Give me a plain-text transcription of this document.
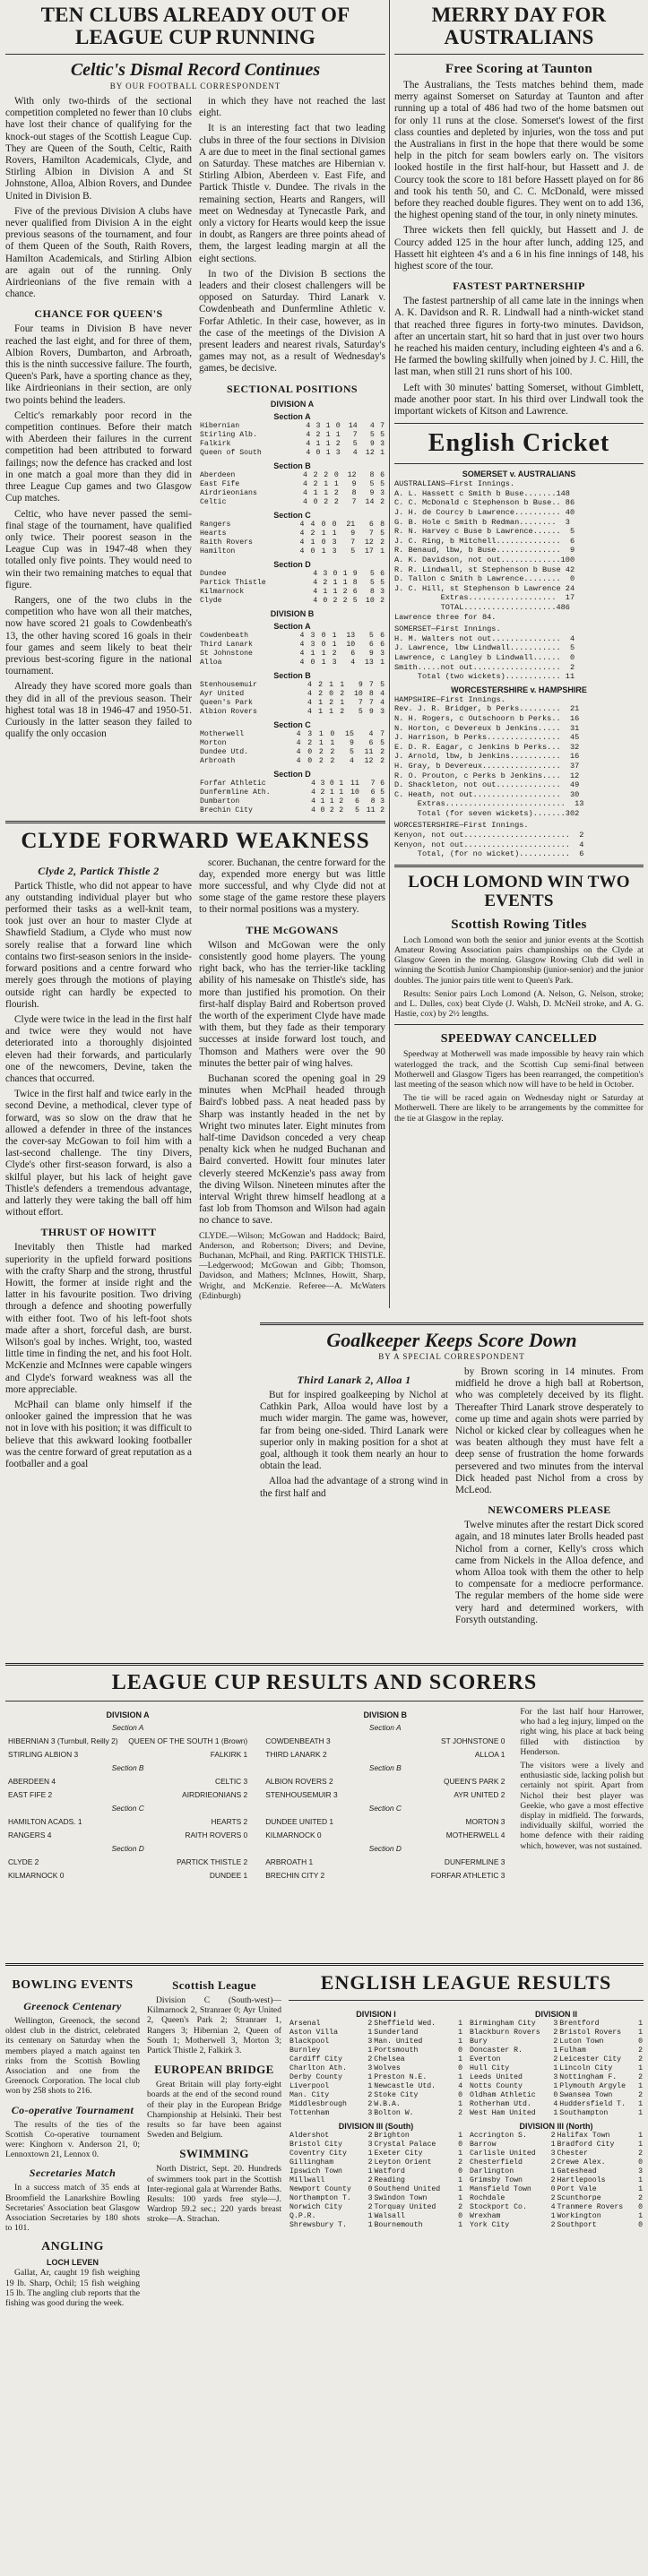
TEN CLUBS ALREADY OUT OF LEAGUE CUP RUNNING
Celtic's Dismal Record Continues
BY OUR FOOTBALL CORRESPONDENT

With only two-thirds of the sectional competition completed no fewer than 10 clubs have lost their chance of qualifying for the knock-out stages of the Scottish League Cup. They are Queen of the South, Celtic, Raith Rovers, Hamilton Academicals, Clyde, and Stirling Albion in Division A and St Johnstone, Alloa, Albion Rovers, and Dundee United in Division B.

Five of the previous Division A clubs have never qualified from Division A in the eight previous seasons of the tournament, and four of them Queen of the South, Raith Rovers, Hamilton Academicals, and Stirling Albion are again out of the running. Only Airdrieonians of the five remain with a chance.

CHANCE FOR QUEEN'S

Four teams in Division B have never reached the last eight, and for three of them, Albion Rovers, Dumbarton, and Arbroath, this is the ninth successive failure. The fourth, Queen's Park, have a sporting chance as they, like Airdrieonians in their section, are only two points behind the leaders.

Celtic's remarkably poor record in the competition continues. Before their match with Aberdeen their failures in the current competition had been attributed to forward failings; now the defence has cracked and lost in one match a goal more than they did in three League Cup games and two Glasgow Cup matches.

Celtic, who have never passed the semi-final stage of the tournament, have qualified only twice. Their poorest season in the League Cup was in 1947-48 when they totalled only five points. They would need to win their two remaining matches to equal that figure.

Rangers, one of the two clubs in the competition who have won all their matches, now have scored 21 goals to Cowdenbeath's 13, the other having scored 16 goals in their four games and seem likely to beat their previous best-scoring figure in the national tournament.

Already they have scored more goals than they did in all of the previous season. Their highest total was 18 in 1946-47 and 1950-51. Curiously in the latter season they failed to qualify the only occasion

in which they have not reached the last eight.

It is an interesting fact that two leading clubs in three of the four sections in Division A are due to meet in the final sectional games on Saturday. These matches are Hibernian v. Stirling Albion, Aberdeen v. East Fife, and Partick Thistle v. Dundee. The rivals in the remaining section, Hearts and Rangers, will meet on Wednesday at Tynecastle Park, and only a victory for Hearts would keep the issue in doubt, as Rangers are three points ahead of them, the largest leading margin at all the eight sections.

In two of the Division B sections the leaders and their closest challengers will be opposed on Saturday. Third Lanark v. Cowdenbeath and Dunfermline Athletic v. Forfar Athletic. In their case, however, as in the case of the meetings of the Division A present leaders and nearest rivals, Saturday's games may not, as a result of Wednesday's games, be decisive.

SECTIONAL POSITIONS
DIVISION A
Section A
Hibernian	4	3	1	0	14	4	7
Stirling Alb.	4	2	1	1	7	5	5
Falkirk	4	1	1	2	5	9	3
Queen of South	4	0	1	3	4	12	1
Section B
Aberdeen	4	2	2	0	12	8	6
East Fife	4	2	1	1	9	5	5
Airdrieonians	4	1	1	2	8	9	3
Celtic	4	0	2	2	7	14	2
Section C
Rangers	4	4	0	0	21	6	8
Hearts	4	2	1	1	9	7	5
Raith Rovers	4	1	0	3	7	12	2
Hamilton	4	0	1	3	5	17	1
Section D
Dundee	4	3	0	1	9	5	6
Partick Thistle	4	2	1	1	8	5	5
Kilmarnock	4	1	1	2	6	8	3
Clyde	4	0	2	2	5	10	2
DIVISION B
Section A
Cowdenbeath	4	3	0	1	13	5	6
Third Lanark	4	3	0	1	10	6	6
St Johnstone	4	1	1	2	6	9	3
Alloa	4	0	1	3	4	13	1
Section B
Stenhousemuir	4	2	1	1	9	7	5
Ayr United	4	2	0	2	10	8	4
Queen's Park	4	1	2	1	7	7	4
Albion Rovers	4	1	1	2	5	9	3
Section C
Motherwell	4	3	1	0	15	4	7
Morton	4	2	1	1	9	6	5
Dundee Utd.	4	0	2	2	5	11	2
Arbroath	4	0	2	2	4	12	2
Section D
Forfar Athletic	4	3	0	1	11	7	6
Dunfermline Ath.	4	2	1	1	10	6	5
Dumbarton	4	1	1	2	6	8	3
Brechin City	4	0	2	2	5	11	2
CLYDE FORWARD WEAKNESS
Clyde 2, Partick Thistle 2

Partick Thistle, who did not appear to have any outstanding individual player but who performed their tasks as a well-knit team, took just over an hour to master Clyde at Shawfield Stadium, a Clyde who must now sorely realise that a forward line which contains two first-season seniors in the inside-forward positions and a centre forward who merely goes through the motions of playing outside right can hardly be expected to flourish.

Clyde were twice in the lead in the first half and twice were they would not have deteriorated into a thoroughly disjointed eleven had their forwards, and particularly one of the newcomers, Devine, taken the chances that occurred.

Twice in the first half and twice early in the second Devine, a methodical, clever type of forward, was so slow on the draw that he allowed a defender in three of the instances the cover-say McGowan to foil him with a last-second challenge. The tiny Divers, Clyde's other first-season forward, is also a skilful player, but his lack of height gave Thistle's defenders a tremendous advantage, and latterly they were taking the ball off him without effort.

THRUST OF HOWITT

Inevitably then Thistle had marked superiority in the upfield forward positions with the crafty Sharp and the strong, thrustful Howitt, the former at inside right and the latter in his favourite position. Two driving through a defence and shooting powerfully with either foot. Two of his left-foot shots made after a short, forceful dash, are burst. Wilson's goal by inches. Wright, too, wasted little time in finding the net, and his foot Holt. McKenzie and McInnes were capable wingers and Clyde's forward weakness was all the more appreciable.

McPhail can blame only himself if the onlooker gained the impression that he was not in love with his position; it was difficult to believe that this awkward looking footballer was the centre forward of great reputation as a footballer and a goal

scorer. Buchanan, the centre forward for the day, expended more energy but was little more successful, and why Clyde did not at some stage of the game restore these players to their normal positions was a mystery.

THE McGOWANS

Wilson and McGowan were the only consistently good home players. The young right back, who has the terrier-like tackling ability of his namesake on Thistle's side, has more than justified his promotion. On their first-half display Baird and Robertson proved the worth of the experiment Clyde have made with them, but they fade as their temporary successes at inside forward lost touch, and Thomson and Mathers were over the 90 minutes the better pair of wing halves.

Buchanan scored the opening goal in 29 minutes when McPhail headed through Baird's lobbed pass. A neat headed pass by Sharp was instantly headed in the net by Wright two minutes later. Eight minutes from half-time Davidson conceded a very cheap penalty kick when he nudged Buchanan and Baird converted. Howitt four minutes later cleverly steered McKenzie's pass away from the diving Wilson. Nineteen minutes after the interval Wright threw himself headlong at a fast lob from Thomson and Wilson had again no chance to save.

CLYDE.—Wilson; McGowan and Haddock; Baird, Anderson, and Robertson; Divers; and Devine, Buchanan, McPhail, and Ring. PARTICK THISTLE.—Ledgerwood; McGowan and Gibb; Thomson, Davidson, and Mathers; McInnes, Howitt, Sharp, Wright, and McKenzie. Referee—A. McWaters (Edinburgh)

MERRY DAY FOR AUSTRALIANS
Free Scoring at Taunton

The Australians, the Tests matches behind them, made merry against Somerset on Saturday at Taunton and after running up a total of 486 had two of the home batsmen out for only 11 runs at the close. Somerset's lowest of the first class counties and depleted by injuries, won the toss and put the Australians in first in the hope that there would be some help in the pitch for seam bowlers early on. The visitors looked hostile in the first half-hour, but Hassett and J. de Courcy took the score to 181 before Hassett played on for 86 and took his tenth 50, and C. C. McDonald, were missed before they reached double figures. They went on to add 136, the highest opening stand of the tour, in only ninety minutes.

Three wickets then fell quickly, but Hassett and J. de Courcy added 125 in the hour after lunch, adding 125, and Hassett hit eighteen 4's and a 6 in his fine innings of 148, his highest score of the tour.

FASTEST PARTNERSHIP

The fastest partnership of all came late in the innings when A. K. Davidson and R. R. Lindwall had a ninth-wicket stand that reached three figures in forty-two minutes. Davidson, after an uncertain start, hit so hard that in just over two hours he reached his maiden century, including eighteen 4's and a 6. He farmed the bowling skilfully when joined by J. C. Hill, the last man, when still 21 runs short of his 100.

Left with 30 minutes' batting Somerset, without Gimblett, made another poor start. In his third over Lindwall took the important wickets of Kitson and Lawrence.

English Cricket
SOMERSET v. AUSTRALIANS
AUSTRALIANS—First Innings.
A. L. Hassett c Smith b Buse.......148
C. C. McDonald c Stephenson b Buse.. 86
J. H. de Courcy b Lawrence.......... 40
G. B. Hole c Smith b Redman........  3
R. N. Harvey c Buse b Lawrence......  5
J. C. Ring, b Mitchell..............  6
R. Benaud, lbw, b Buse..............  9
A. K. Davidson, not out.............100
R. R. Lindwall, st Stephenson b Buse 42
D. Tallon c Smith b Lawrence........  0
J. C. Hill, st Stephenson b Lawrence 24
Extras...................  17
TOTAL....................486
Lawrence three for 84.
SOMERSET—First Innings.
H. M. Walters not out...............  4
J. Lawrence, lbw Lindwall...........  5
Lawrence, c Langley b Lindwall......  0
Smith.....not out...................  2
Total (two wickets)............ 11
WORCESTERSHIRE v. HAMPSHIRE
HAMPSHIRE—First Innings.
Rev. J. R. Bridger, b Perks.........  21
N. H. Rogers, c Outschoorn b Perks..  16
N. Horton, c Devereux b Jenkins.....  31
J. Harrison, b Perks................  45
E. D. R. Eagar, c Jenkins b Perks...  32
J. Arnold, lbw, b Jenkins...........  16
H. Gray, b Devereux.................  37
R. O. Prouton, c Perks b Jenkins....  12
D. Shackleton, not out..............  49
C. Heath, not out...................  30
Extras..........................  13
Total (for seven wickets).......302
WORCESTERSHIRE—First Innings.
Kenyon, not out.......................  2
Kenyon, not out.......................  4
Total, (for no wicket)...........  6
LOCH LOMOND WIN TWO EVENTS
Scottish Rowing Titles

Loch Lomond won both the senior and junior events at the Scottish Amateur Rowing Association pairs championships on the Clyde at Glasgow Green in the morning. Glasgow Rowing Club did well in winning the Scottish Junior Championship (junior-senior) and the junior doubles. The junior pairs title went to Queen's Park.

Results: Senior pairs Loch Lomond (A. Nelson, G. Nelson, stroke; and L. Dulles, cox) beat Clyde (J. Walsh, D. McNeil stroke, and A. G. Hastie, cox) by 2½ lengths.

SPEEDWAY CANCELLED

Speedway at Motherwell was made impossible by heavy rain which waterlogged the track, and the Scottish Cup semi-final between Motherwell and Glasgow Tigers has been rearranged, the competition's last meeting of the season which now will have to be held in October.

The tie will be raced again on Wednesday night or Saturday at Motherwell. There are likely to be arrangements by the committee for the tie at Glasgow in the replay.

Goalkeeper Keeps Score Down
BY A SPECIAL CORRESPONDENT
Third Lanark 2, Alloa 1

But for inspired goalkeeping by Nichol at Cathkin Park, Alloa would have lost by a much wider margin. The game was, however, far from being one-sided. Third Lanark were superior only in making position for a shot at goal, although it took them nearly an hour to obtain the lead.

Alloa had the advantage of a strong wind in the first half and

by Brown scoring in 14 minutes. From midfield he drove a high ball at Robertson, who was completely deceived by its flight. Thereafter Third Lanark strove desperately to come up time and again shots were parried by Nichol or kicked clear by colleagues when he was beaten although they must have felt a deep sense of frustration the home forwards persevered and two minutes from the interval Dick headed past Nichol from a cross by McLeod.

NEWCOMERS PLEASE

Twelve minutes after the restart Dick scored again, and 18 minutes later Brolls headed past Nichol from a corner, Kelly's cross which came from Nickels in the Alloa defence, and whom Alloa took with them the other to help to compensate for a mediocre performance. The regular members of the home side were very hard and determined workers, with Forsyth outstanding.

LEAGUE CUP RESULTS AND SCORERS
DIVISION A
Section A	
HIBERNIAN 3 (Turnbull, Reilly 2)	QUEEN OF THE SOUTH 1 (Brown)
STIRLING ALBION 3	FALKIRK 1
Section B	
ABERDEEN 4	CELTIC 3
EAST FIFE 2	AIRDRIEONIANS 2
Section C	
HAMILTON ACADS. 1	HEARTS 2
RANGERS 4	RAITH ROVERS 0
Section D	
CLYDE 2	PARTICK THISTLE 2
KILMARNOCK 0	DUNDEE 1
DIVISION B
Section A	
COWDENBEATH 3	ST JOHNSTONE 0
THIRD LANARK 2	ALLOA 1
Section B	
ALBION ROVERS 2	QUEEN'S PARK 2
STENHOUSEMUIR 3	AYR UNITED 2
Section C	
DUNDEE UNITED 1	MORTON 3
KILMARNOCK 0	MOTHERWELL 4
Section D	
ARBROATH 1	DUNFERMLINE 3
BRECHIN CITY 2	FORFAR ATHLETIC 3

For the last half hour Harrower, who had a leg injury, limped on the right wing, his place at back being filled with distinction by Henderson.

The visitors were a lively and enthusiastic side, lacking polish but certainly not spirit. Apart from Nichol their best player was Geekie, who gave a most effective display in midfield. The forwards, individually skilful, worried the home defence with their raiding which, however, was not sustained.

BOWLING EVENTS
Greenock Centenary

Wellington, Greenock, the second oldest club in the district, celebrated its centenary on Saturday when the members played a match against ten rinks from the Scottish Bowling Association and one from the Greenock Corporation. The local club won by 258 shots to 216.

Co-operative Tournament

The results of the ties of the Scottish Co-operative tournament were: Kinghorn v. Anderson 21, 0; Lennoxtown 21, Lennox 0.

Secretaries Match

In a success match of 35 ends at Broomfield the Lanarkshire Bowling Secretaries' Association beat Glasgow Association Secretaries by 180 shots to 101.

ANGLING
LOCH LEVEN

Gallat, Ar, caught 19 fish weighing 19 lb. Sharp, Ochil; 15 fish weighing 15 lb. The angling club reports that the fishing was good during the week.

Scottish League

Division C (South-west)—Kilmarnock 2, Stranraer 0; Ayr United 2, Queen's Park 2; Stranraer 1, Rangers 3; Hibernian 2, Queen of South 1; Motherwell 3, Morton 3; Partick Thistle 2, Falkirk 3.

EUROPEAN BRIDGE

Great Britain will play forty-eight boards at the end of the second round of their play in the European Bridge Championship at Helsinki. Their best results so far have been against Sweden and Belgium.

SWIMMING

North District, Sept. 20. Hundreds of swimmers took part in the Scottish Inter-regional gala at Warrender Baths. Results: 100 yards free style—J. Wardrop 59.2 sec.; 220 yards breast stroke—A. Strachan.

ENGLISH LEAGUE RESULTS
DIVISION I
Arsenal	2	Sheffield Wed.	1
Aston Villa	1	Sunderland	1
Blackpool	3	Man. United	1
Burnley	1	Portsmouth	0
Cardiff City	2	Chelsea	1
Charlton Ath.	3	Wolves	0
Derby County	1	Preston N.E.	1
Liverpool	1	Newcastle Utd.	4
Man. City	2	Stoke City	0
Middlesbrough	2	W.B.A.	1
Tottenham	3	Bolton W.	2
DIVISION III (South)
Aldershot	2	Brighton	1
Bristol City	3	Crystal Palace	0
Coventry City	1	Exeter City	1
Gillingham	2	Leyton Orient	2
Ipswich Town	1	Watford	0
Millwall	2	Reading	1
Newport County	0	Southend United	1
Northampton T.	3	Swindon Town	1
Norwich City	2	Torquay United	2
Q.P.R.	1	Walsall	0
Shrewsbury T.	1	Bournemouth	1
DIVISION II
Birmingham City	3	Brentford	1
Blackburn Rovers	2	Bristol Rovers	1
Bury	2	Luton Town	0
Doncaster R.	1	Fulham	2
Everton	2	Leicester City	2
Hull City	1	Lincoln City	1
Leeds United	3	Nottingham F.	2
Notts County	1	Plymouth Argyle	1
Oldham Athletic	0	Swansea Town	2
Rotherham Utd.	4	Huddersfield T.	1
West Ham United	1	Southampton	1
DIVISION III (North)
Accrington S.	2	Halifax Town	1
Barrow	1	Bradford City	1
Carlisle United	3	Chester	2
Chesterfield	2	Crewe Alex.	0
Darlington	1	Gateshead	3
Grimsby Town	2	Hartlepools	1
Mansfield Town	0	Port Vale	1
Rochdale	2	Scunthorpe	2
Stockport Co.	4	Tranmere Rovers	0
Wrexham	1	Workington	1
York City	2	Southport	0
